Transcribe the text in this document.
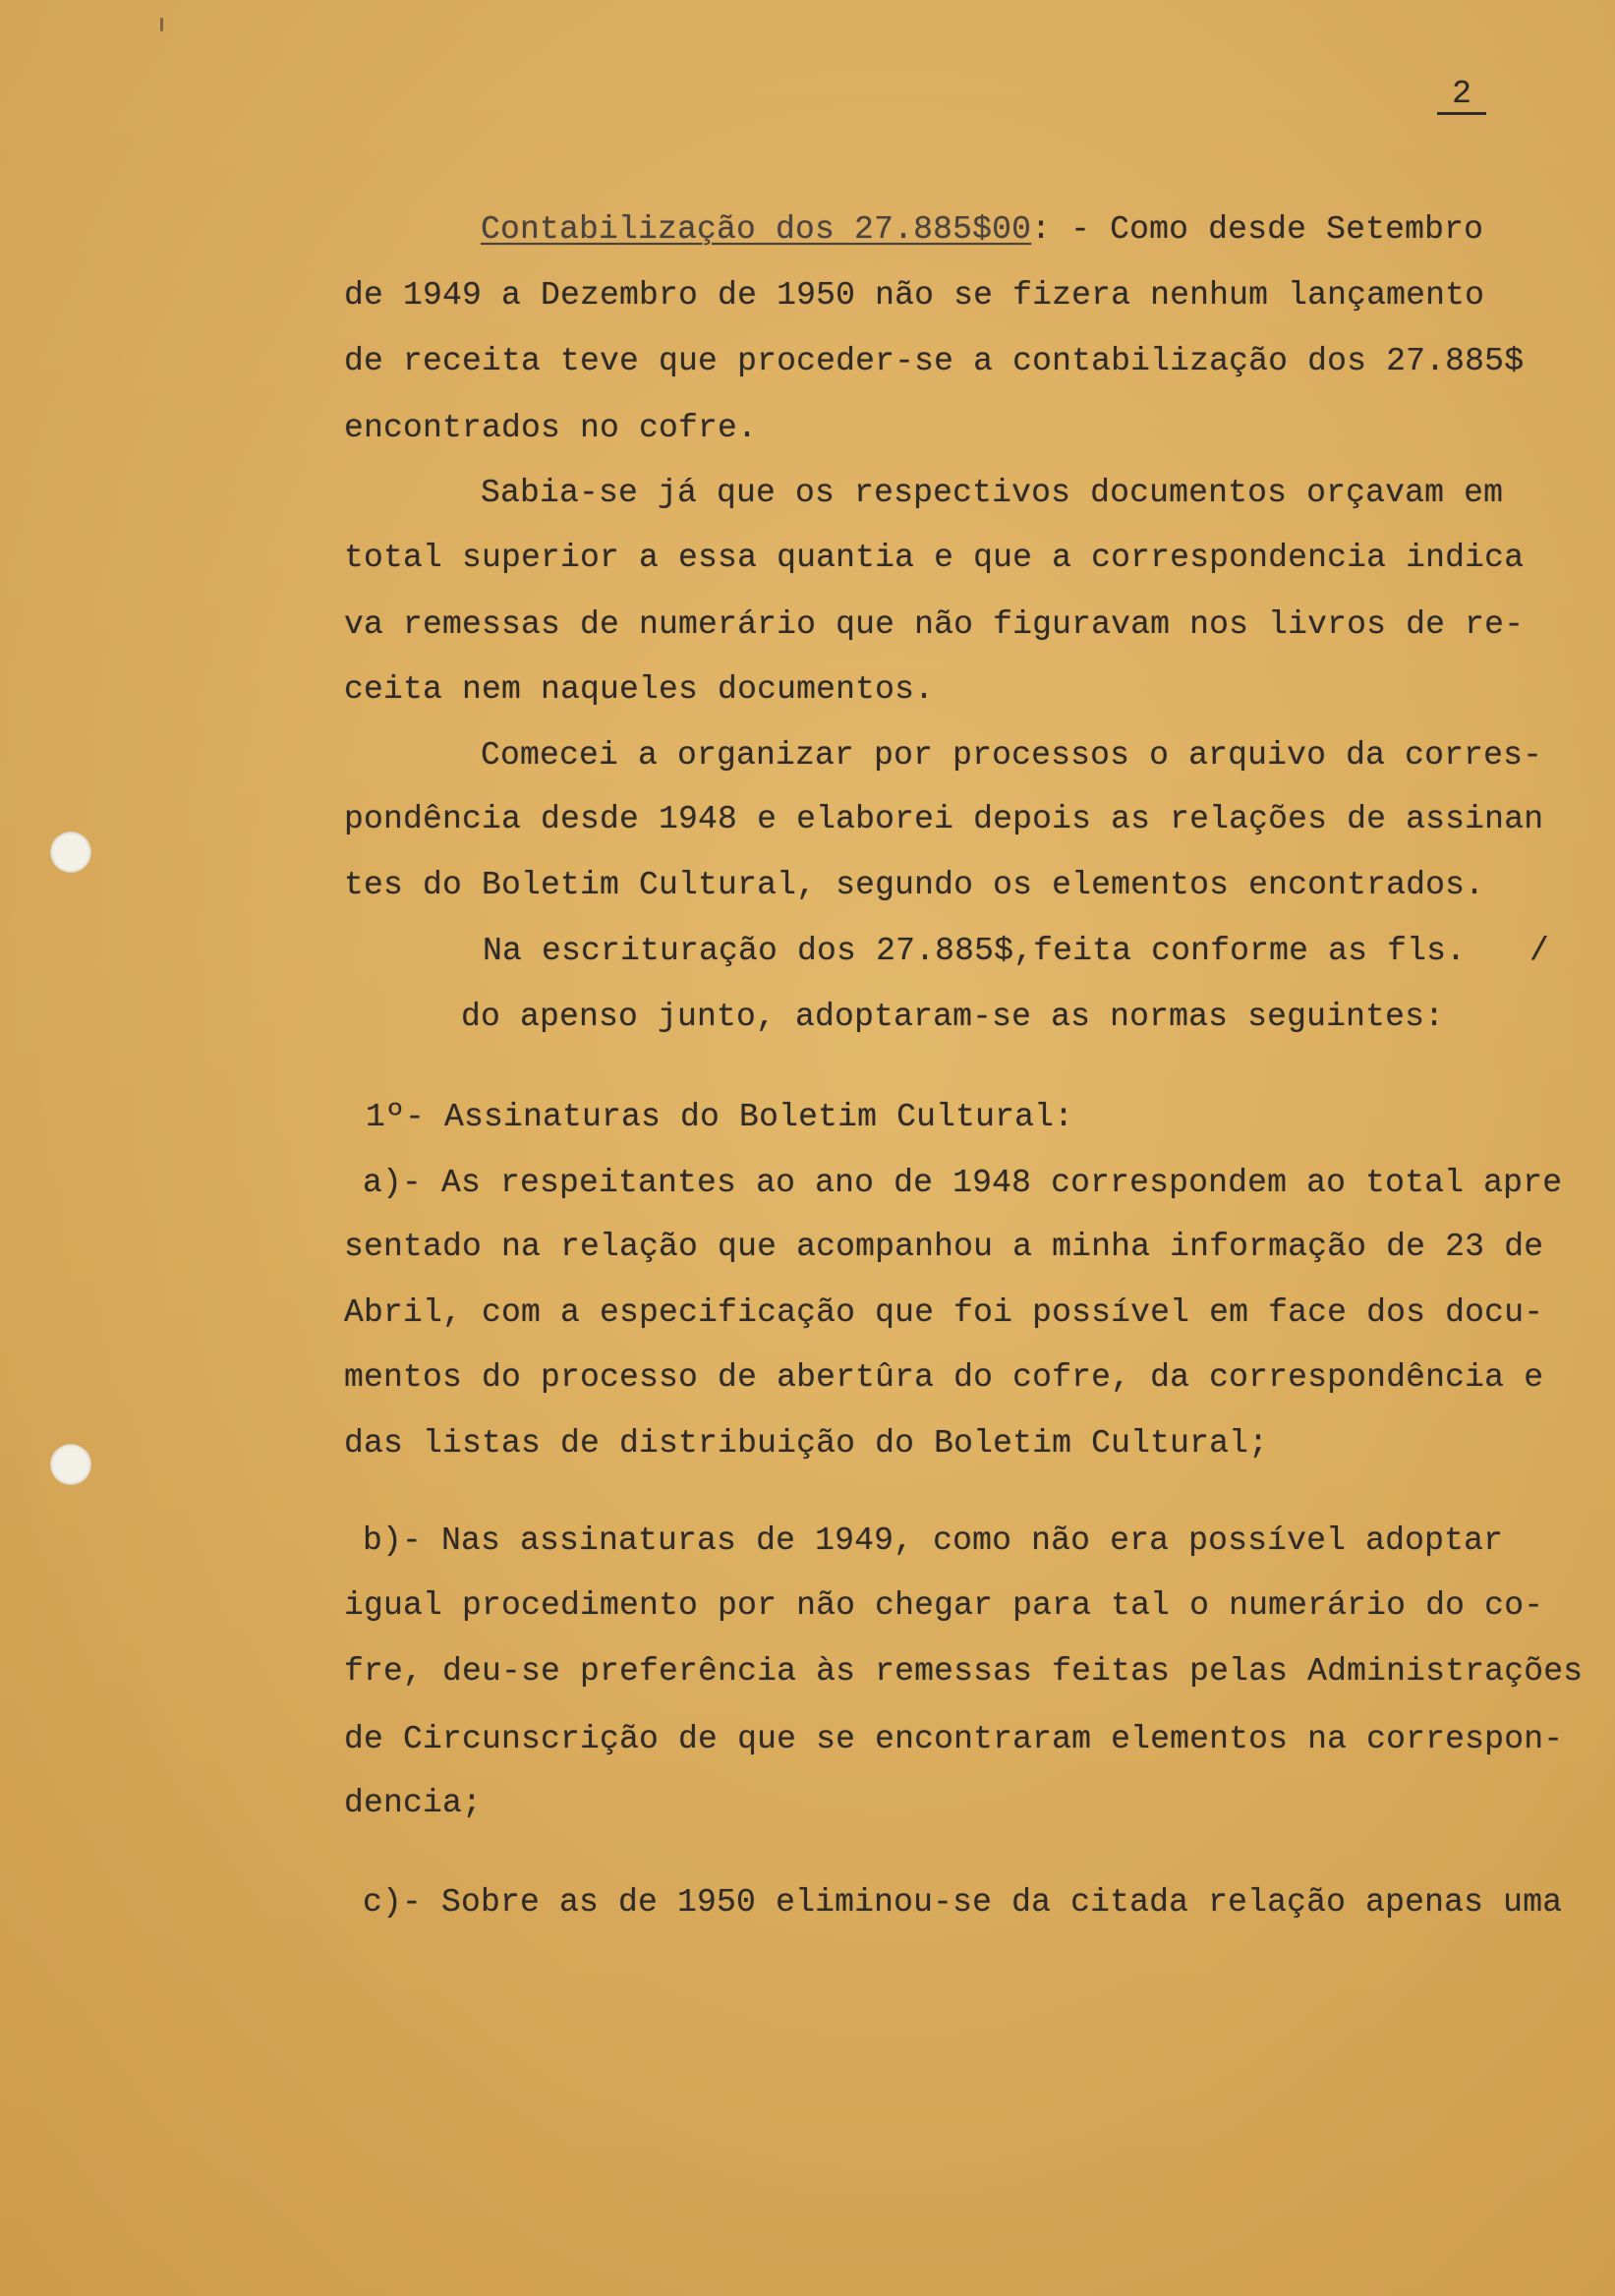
2
Contabilização dos 27.885$00: - Como desde Setembro
de 1949 a Dezembro de 1950 não se fizera nenhum lançamento
de receita teve que proceder-se a contabilização dos 27.885$
encontrados no cofre.
Sabia-se já que os respectivos documentos orçavam em
total superior a essa quantia e que a correspondencia indica
va remessas de numerário que não figuravam nos livros de re-
ceita nem naqueles documentos.
Comecei a organizar por processos o arquivo da corres-
pondência desde 1948 e elaborei depois as relações de assinan
tes do Boletim Cultural, segundo os elementos encontrados.
Na escrituração dos 27.885$,feita conforme as fls. /
do apenso junto, adoptaram-se as normas seguintes:
1º- Assinaturas do Boletim Cultural:
a)- As respeitantes ao ano de 1948 correspondem ao total apre
sentado na relação que acompanhou a minha informação de 23 de
Abril, com a especificação que foi possível em face dos docu-
mentos do processo de abertûra do cofre, da correspondência e
das listas de distribuição do Boletim Cultural;
b)- Nas assinaturas de 1949, como não era possível adoptar
igual procedimento por não chegar para tal o numerário do co-
fre, deu-se preferência às remessas feitas pelas Administrações
de Circunscrição de que se encontraram elementos na correspon-
dencia;
c)- Sobre as de 1950 eliminou-se da citada relação apenas uma
